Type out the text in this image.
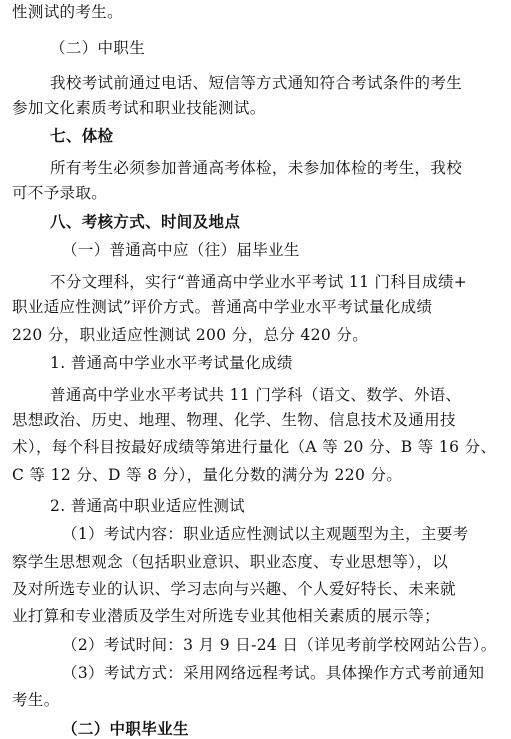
性测试的考生。
（二）中职生
我校考试前通过电话、短信等方式通知符合考试条件的考生
参加文化素质考试和职业技能测试。
七、体检
所有考生必须参加普通高考体检，未参加体检的考生，我校
可不予录取。
八、考核方式、时间及地点
（一）普通高中应（往）届毕业生
不分文理科，实行“普通高中学业水平考试 11 门科目成绩+
职业适应性测试”评价方式。普通高中学业水平考试量化成绩
220 分，职业适应性测试 200 分，总分 420 分。
1. 普通高中学业水平考试量化成绩
普通高中学业水平考试共 11 门学科（语文、数学、外语、
思想政治、历史、地理、物理、化学、生物、信息技术及通用技
术），每个科目按最好成绩等第进行量化（A 等 20 分、B 等 16 分、
C 等 12 分、D 等 8 分），量化分数的满分为 220 分。
2. 普通高中职业适应性测试
（1）考试内容：职业适应性测试以主观题型为主，主要考
察学生思想观念（包括职业意识、职业态度、专业思想等），以
及对所选专业的认识、学习志向与兴趣、个人爱好特长、未来就
业打算和专业潜质及学生对所选专业其他相关素质的展示等；
（2）考试时间：3 月 9 日-24 日（详见考前学校网站公告）。
（3）考试方式：采用网络远程考试。具体操作方式考前通知
考生。
（二）中职毕业生
